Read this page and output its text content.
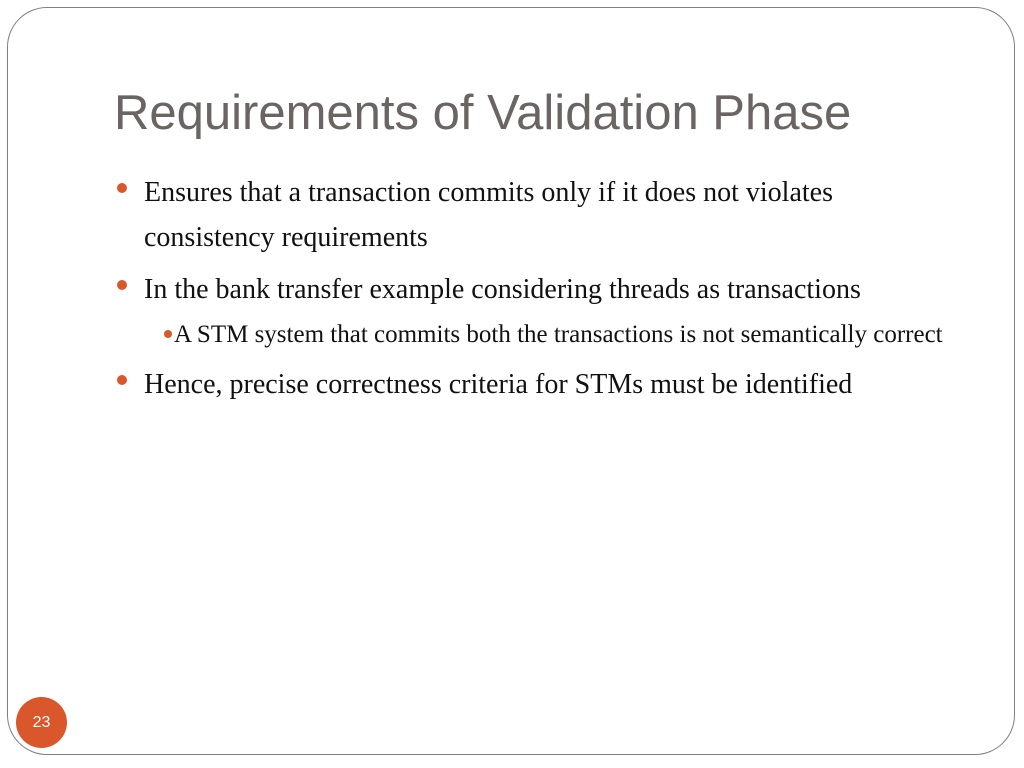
Requirements of Validation Phase
Ensures that a transaction commits only if it does not violates consistency requirements
In the bank transfer example considering threads as transactions
A STM system that commits both the transactions is not semantically correct
Hence, precise correctness criteria for STMs must be identified
23
